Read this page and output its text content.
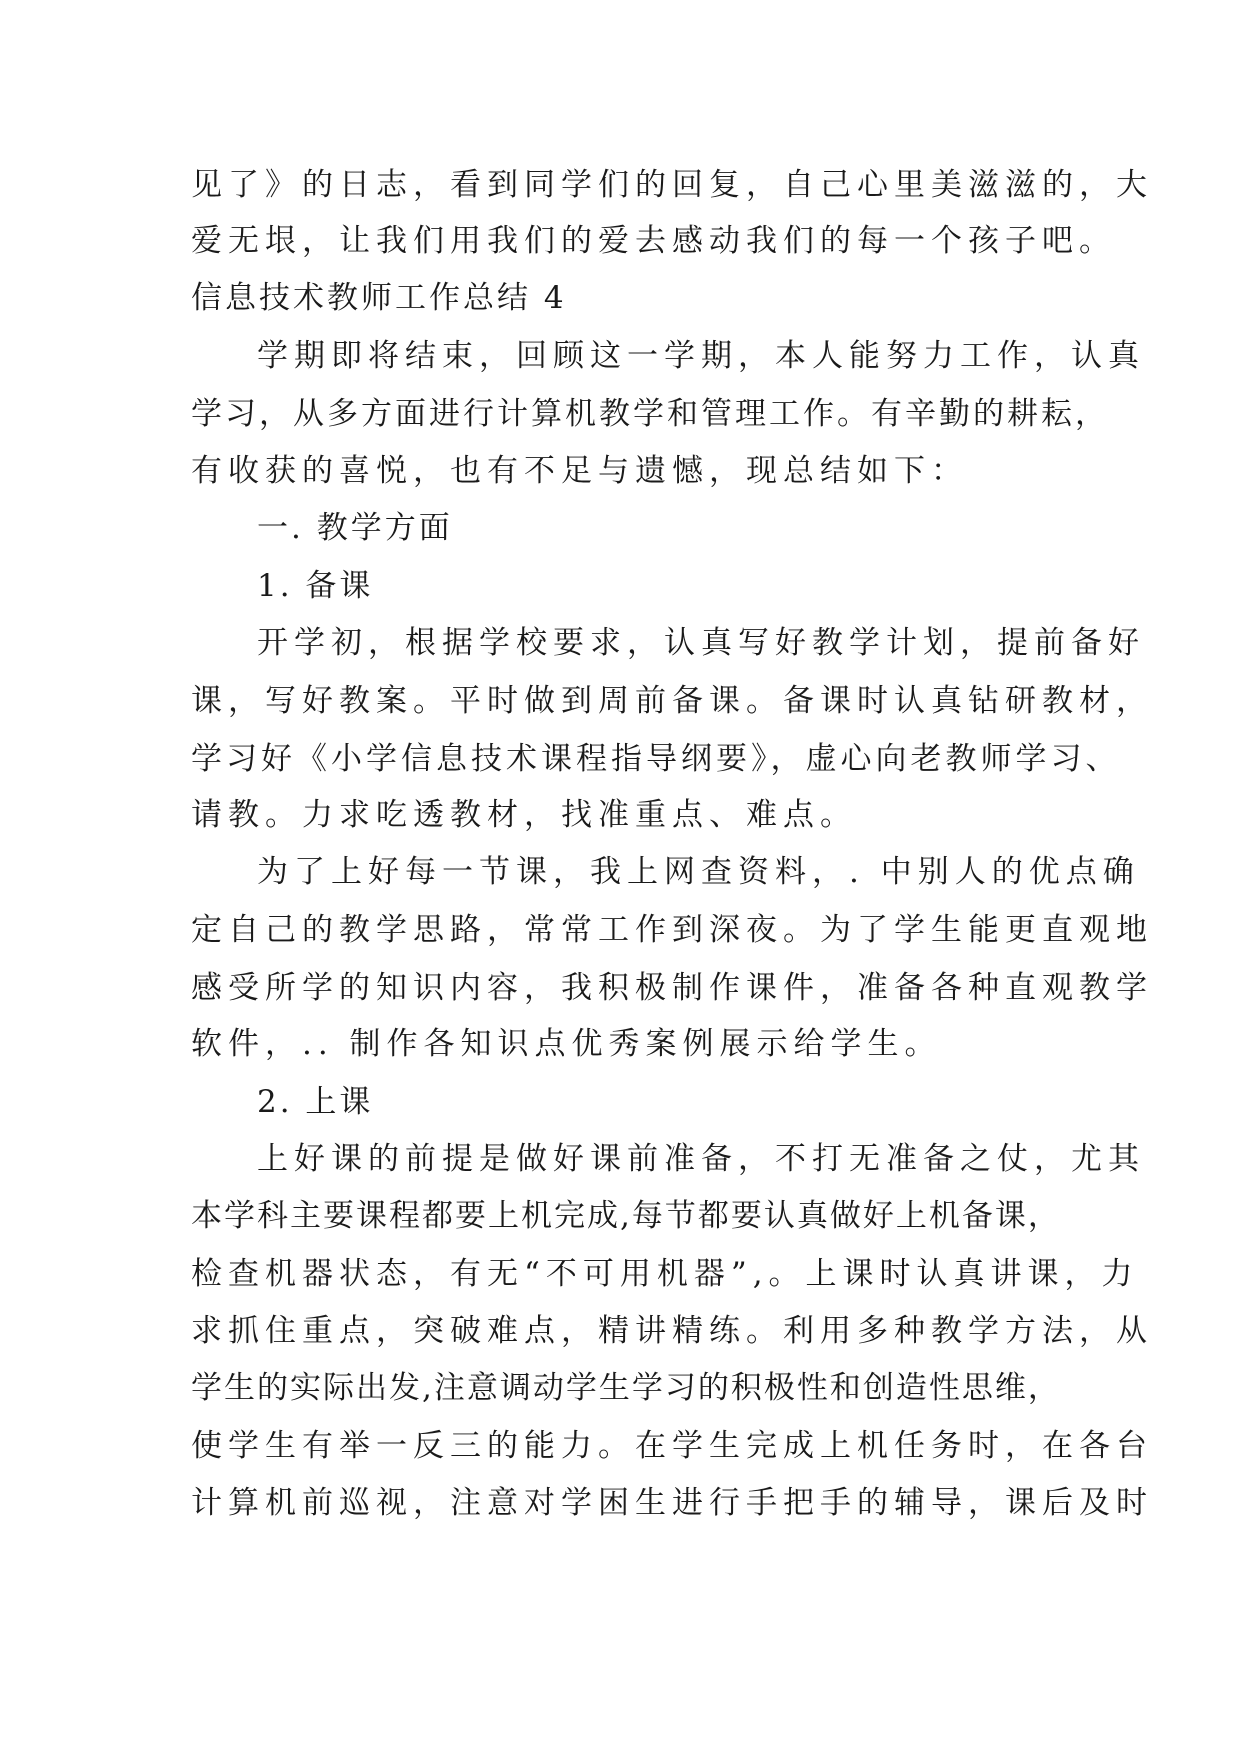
见了》的日志，看到同学们的回复，自己心里美滋滋的，大
爱无垠，让我们用我们的爱去感动我们的每一个孩子吧。
信息技术教师工作总结 4
学期即将结束，回顾这一学期，本人能努力工作，认真
学习，从多方面进行计算机教学和管理工作。有辛勤的耕耘，
有收获的喜悦，也有不足与遗憾，现总结如下：
一. 教学方面
1. 备课
开学初，根据学校要求，认真写好教学计划，提前备好
课，写好教案。平时做到周前备课。备课时认真钻研教材，
学习好《小学信息技术课程指导纲要》，虚心向老教师学习、
请教。力求吃透教材，找准重点、难点。
为了上好每一节课，我上网查资料，. 中别人的优点确
定自己的教学思路，常常工作到深夜。为了学生能更直观地
感受所学的知识内容，我积极制作课件，准备各种直观教学
软件，.. 制作各知识点优秀案例展示给学生。
2. 上课
上好课的前提是做好课前准备，不打无准备之仗，尤其
本学科主要课程都要上机完成,每节都要认真做好上机备课，
检查机器状态，有无“不可用机器”,。上课时认真讲课，力
求抓住重点，突破难点，精讲精练。利用多种教学方法，从
学生的实际出发,注意调动学生学习的积极性和创造性思维，
使学生有举一反三的能力。在学生完成上机任务时，在各台
计算机前巡视，注意对学困生进行手把手的辅导，课后及时
